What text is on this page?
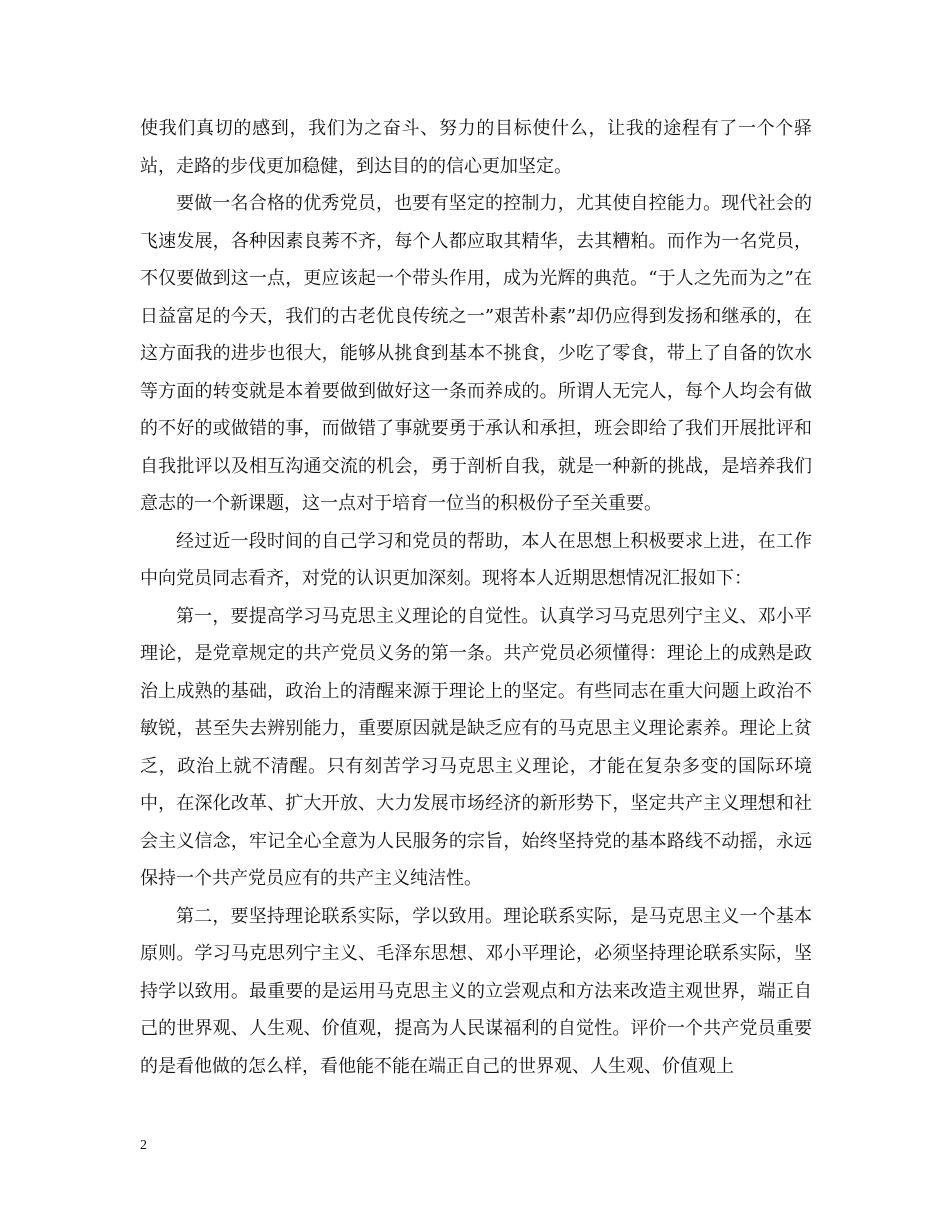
使我们真切的感到，我们为之奋斗、努力的目标使什么，让我的途程有了一个个驿站，走路的步伐更加稳健，到达目的的信心更加坚定。

要做一名合格的优秀党员，也要有坚定的控制力，尤其使自控能力。现代社会的飞速发展，各种因素良莠不齐，每个人都应取其精华，去其糟粕。而作为一名党员，不仅要做到这一点，更应该起一个带头作用，成为光辉的典范。“于人之先而为之”在日益富足的今天，我们的古老优良传统之一”艰苦朴素”却仍应得到发扬和继承的，在这方面我的进步也很大，能够从挑食到基本不挑食，少吃了零食，带上了自备的饮水等方面的转变就是本着要做到做好这一条而养成的。所谓人无完人，每个人均会有做的不好的或做错的事，而做错了事就要勇于承认和承担，班会即给了我们开展批评和自我批评以及相互沟通交流的机会，勇于剖析自我，就是一种新的挑战，是培养我们意志的一个新课题，这一点对于培育一位当的积极份子至关重要。

经过近一段时间的自己学习和党员的帮助，本人在思想上积极要求上进，在工作中向党员同志看齐，对党的认识更加深刻。现将本人近期思想情况汇报如下：

第一，要提高学习马克思主义理论的自觉性。认真学习马克思列宁主义、邓小平理论，是党章规定的共产党员义务的第一条。共产党员必须懂得：理论上的成熟是政治上成熟的基础，政治上的清醒来源于理论上的坚定。有些同志在重大问题上政治不敏锐，甚至失去辨别能力，重要原因就是缺乏应有的马克思主义理论素养。理论上贫乏，政治上就不清醒。只有刻苦学习马克思主义理论，才能在复杂多变的国际环境中，在深化改革、扩大开放、大力发展市场经济的新形势下，坚定共产主义理想和社会主义信念，牢记全心全意为人民服务的宗旨，始终坚持党的基本路线不动摇，永远保持一个共产党员应有的共产主义纯洁性。

第二，要坚持理论联系实际，学以致用。理论联系实际，是马克思主义一个基本原则。学习马克思列宁主义、毛泽东思想、邓小平理论，必须坚持理论联系实际，坚持学以致用。最重要的是运用马克思主义的立尝观点和方法来改造主观世界，端正自己的世界观、人生观、价值观，提高为人民谋福利的自觉性。评价一个共产党员重要的是看他做的怎么样，看他能不能在端正自己的世界观、人生观、价值观上

2
